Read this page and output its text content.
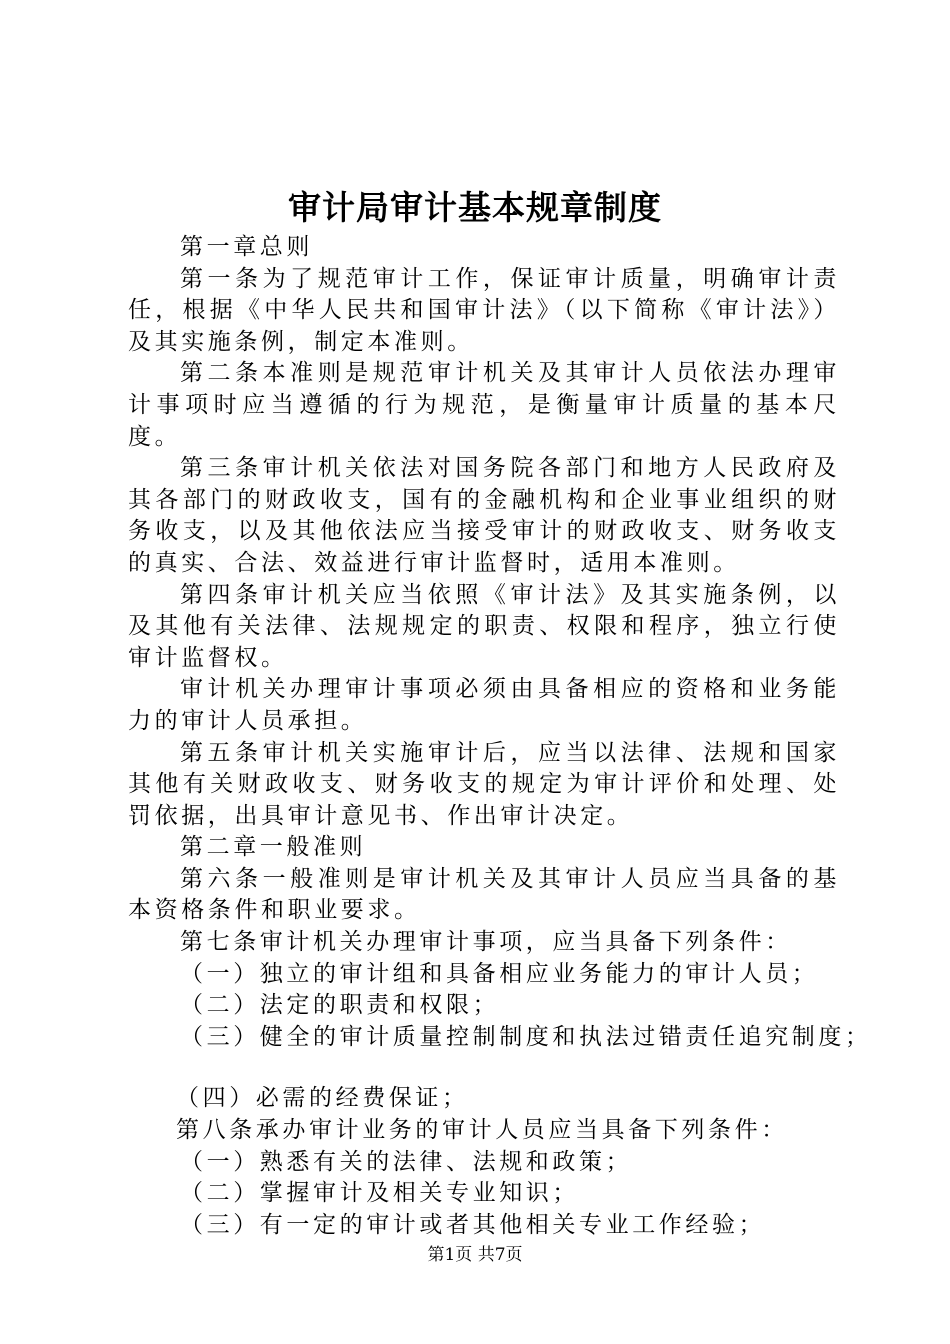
审计局审计基本规章制度

第一章总则

第一条为了规范审计工作，保证审计质量，明确审计责任，根据《中华人民共和国审计法》（以下简称《审计法》）及其实施条例，制定本准则。

第二条本准则是规范审计机关及其审计人员依法办理审计事项时应当遵循的行为规范，是衡量审计质量的基本尺度。

第三条审计机关依法对国务院各部门和地方人民政府及其各部门的财政收支，国有的金融机构和企业事业组织的财务收支，以及其他依法应当接受审计的财政收支、财务收支的真实、合法、效益进行审计监督时，适用本准则。

第四条审计机关应当依照《审计法》及其实施条例，以及其他有关法律、法规规定的职责、权限和程序，独立行使审计监督权。

审计机关办理审计事项必须由具备相应的资格和业务能力的审计人员承担。

第五条审计机关实施审计后，应当以法律、法规和国家其他有关财政收支、财务收支的规定为审计评价和处理、处罚依据，出具审计意见书、作出审计决定。

第二章一般准则

第六条一般准则是审计机关及其审计人员应当具备的基本资格条件和职业要求。

第七条审计机关办理审计事项，应当具备下列条件：

（一）独立的审计组和具备相应业务能力的审计人员；

（二）法定的职责和权限；

（三）健全的审计质量控制制度和执法过错责任追究制度；

（四）必需的经费保证；

第八条承办审计业务的审计人员应当具备下列条件：

（一）熟悉有关的法律、法规和政策；

（二）掌握审计及相关专业知识；

（三）有一定的审计或者其他相关专业工作经验；

第1页 共7页
